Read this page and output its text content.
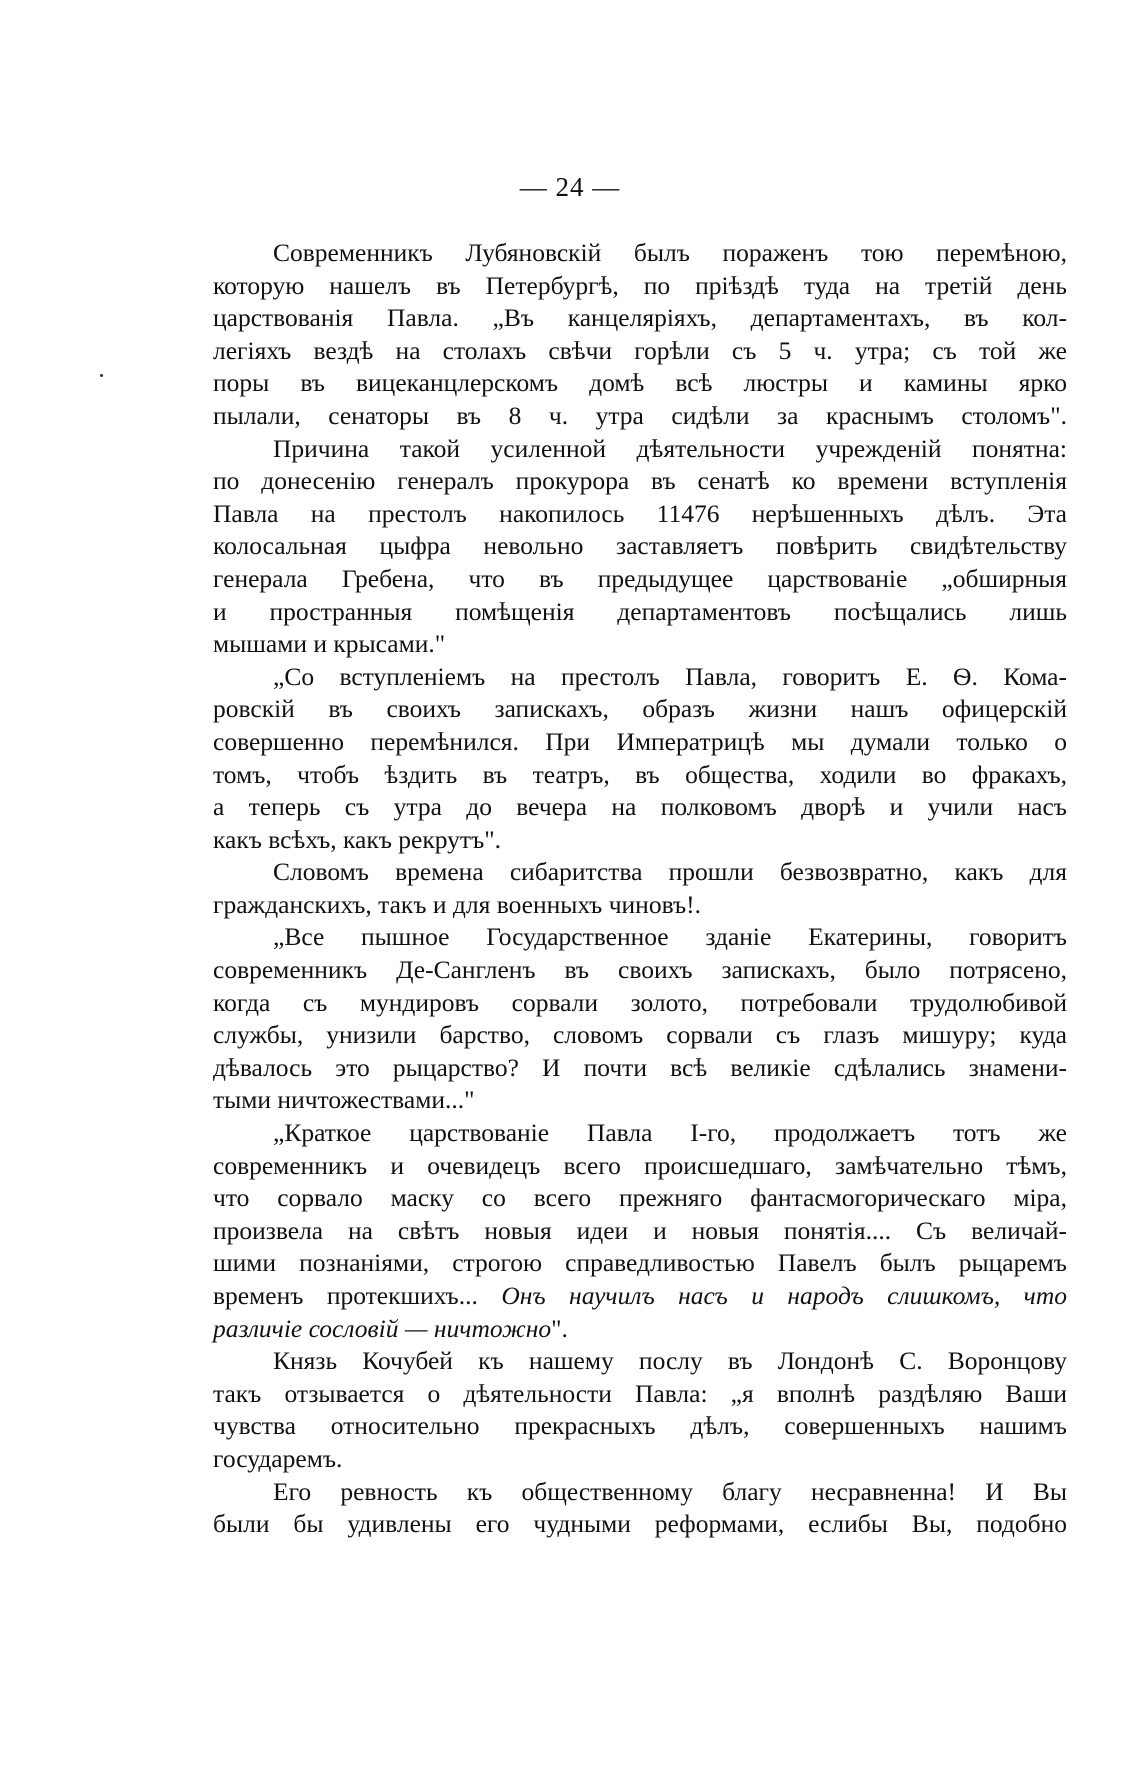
— 24 —

Современникъ Лубяновскій былъ пораженъ тою перемѣною,
которую нашелъ въ Петербургѣ, по пріѣздѣ туда на третій день
царствованія Павла. „Въ канцеляріяхъ, департаментахъ, въ кол-
легіяхъ вездѣ на столахъ свѣчи горѣли съ 5 ч. утра; съ той же
поры въ вицеканцлерскомъ домѣ всѣ люстры и камины ярко
пылали, сенаторы въ 8 ч. утра сидѣли за краснымъ столомъ".

Причина такой усиленной дѣятельности учрежденій понятна:
по донесенію генералъ прокурора въ сенатѣ ко времени вступленія
Павла на престолъ накопилось 11476 нерѣшенныхъ дѣлъ. Эта
колосальная цыфра невольно заставляетъ повѣрить свидѣтельству
генерала Гребена, что въ предыдущее царствованіе „обширныя
и пространныя помѣщенія департаментовъ посѣщались лишь
мышами и крысами."

„Со вступленіемъ на престолъ Павла, говоритъ Е. Ѳ. Кома-
ровскій въ своихъ запискахъ, образъ жизни нашъ офицерскій
совершенно перемѣнился. При Императрицѣ мы думали только о
томъ, чтобъ ѣздить въ театръ, въ общества, ходили во фракахъ,
а теперь съ утра до вечера на полковомъ дворѣ и учили насъ
какъ всѣхъ, какъ рекрутъ".

Словомъ времена сибаритства прошли безвозвратно, какъ для
гражданскихъ, такъ и для военныхъ чиновъ!.

„Все пышное Государственное зданіе Екатерины, говоритъ
современникъ Де-Сангленъ въ своихъ запискахъ, было потрясено,
когда съ мундировъ сорвали золото, потребовали трудолюбивой
службы, унизили барство, словомъ сорвали съ глазъ мишуру; куда
дѣвалось это рыцарство? И почти всѣ великіе сдѣлались знамени-
тыми ничтожествами..."

„Краткое царствованіе Павла І-го, продолжаетъ тотъ же
современникъ и очевидецъ всего происшедшаго, замѣчательно тѣмъ,
что сорвало маску со всего прежняго фантасмогорическаго міра,
произвела на свѣтъ новыя идеи и новыя понятія.... Съ величай-
шими познаніями, строгою справедливостью Павелъ былъ рыцаремъ
временъ протекшихъ... Онъ научилъ насъ и народъ слишкомъ, что
различіе сословій — ничтожно".

Князь Кочубей къ нашему послу въ Лондонѣ С. Воронцову
такъ отзывается о дѣятельности Павла: „я вполнѣ раздѣляю Ваши
чувства относительно прекрасныхъ дѣлъ, совершенныхъ нашимъ
государемъ.

Его ревность къ общественному благу несравненна! И Вы
были бы удивлены его чудными реформами, еслибы Вы, подобно
